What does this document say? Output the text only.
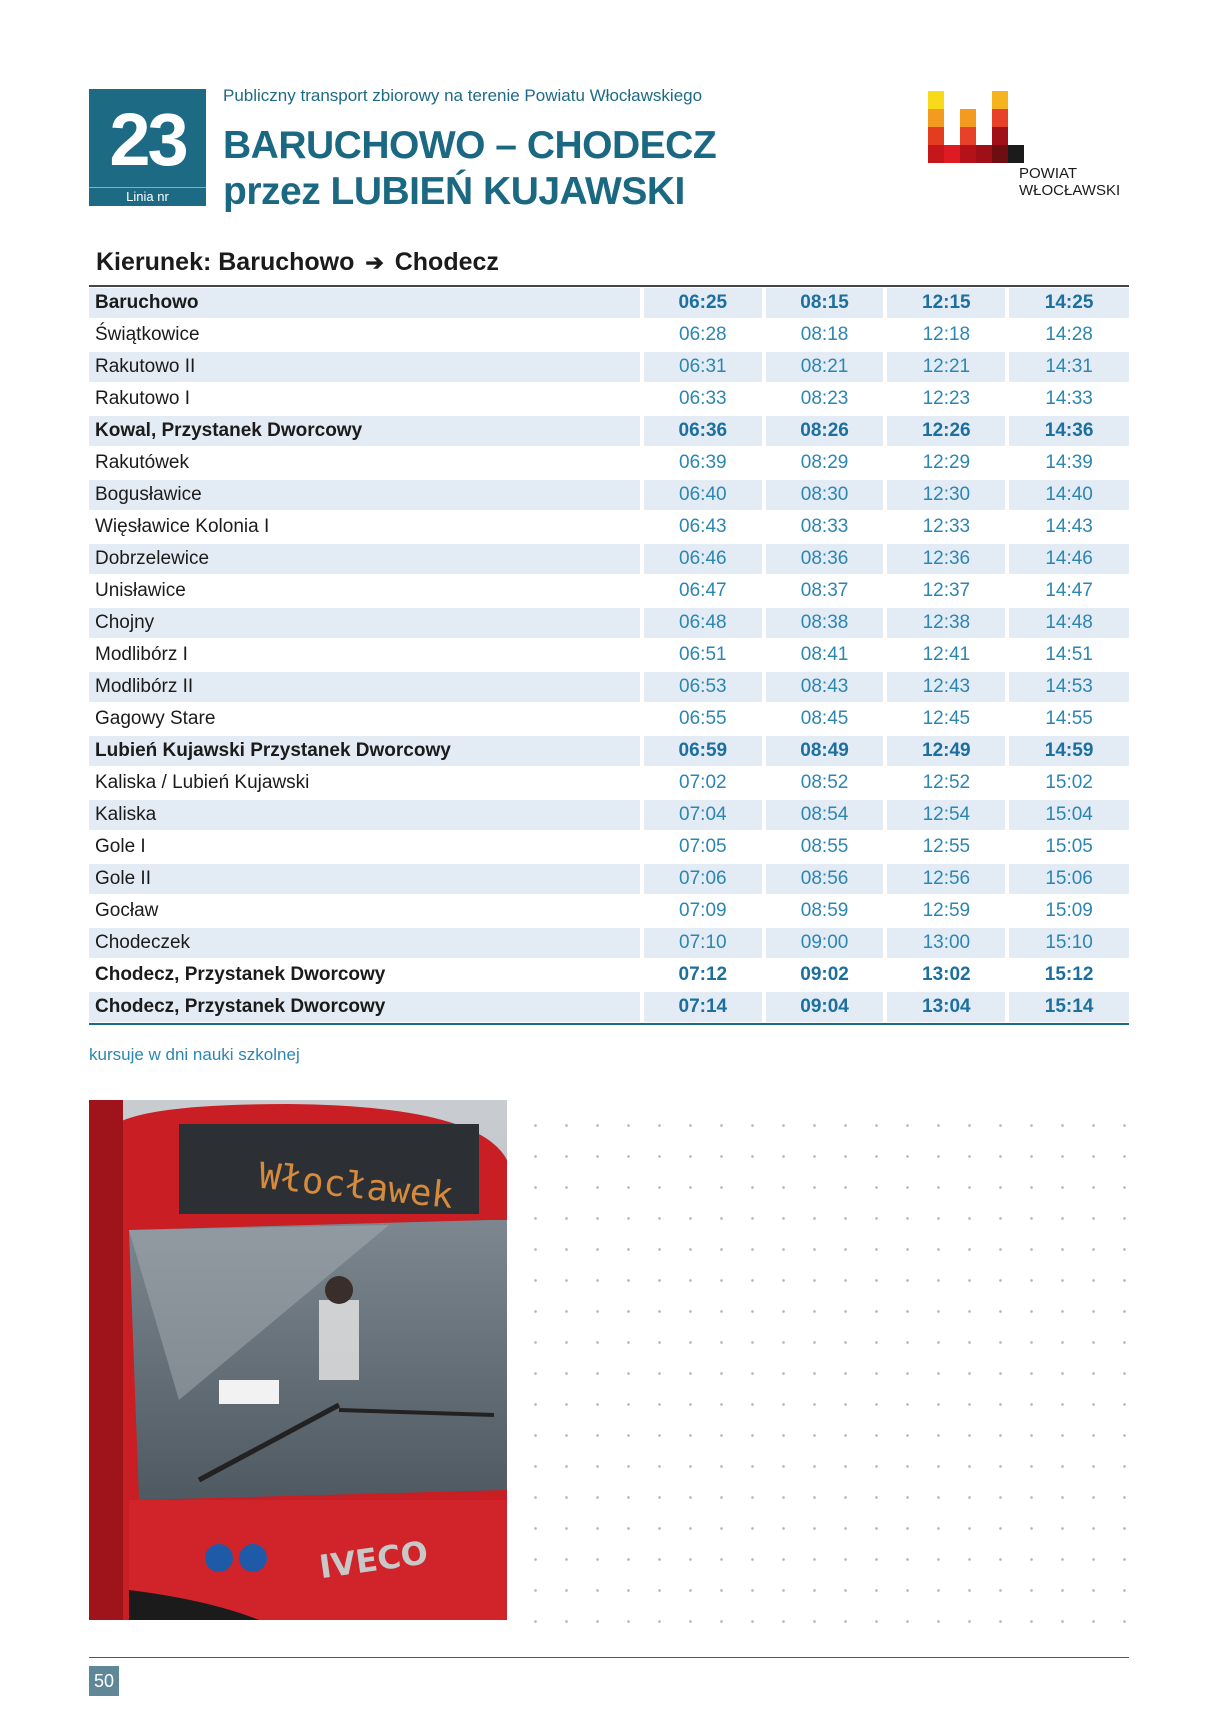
23
Linia nr
Publiczny transport zbiorowy na terenie Powiatu Włocławskiego
BARUCHOWO – CHODECZ
przez LUBIEŃ KUJAWSKI	POWIAT
WŁOCŁAWSKI
Kierunek: Baruchowo ➔ Chodecz
Baruchowo	06:25	08:15	12:15	14:25
Świątkowice	06:28	08:18	12:18	14:28
Rakutowo II	06:31	08:21	12:21	14:31
Rakutowo I	06:33	08:23	12:23	14:33
Kowal, Przystanek Dworcowy	06:36	08:26	12:26	14:36
Rakutówek	06:39	08:29	12:29	14:39
Bogusławice	06:40	08:30	12:30	14:40
Więsławice Kolonia I	06:43	08:33	12:33	14:43
Dobrzelewice	06:46	08:36	12:36	14:46
Unisławice	06:47	08:37	12:37	14:47
Chojny	06:48	08:38	12:38	14:48
Modlibórz I	06:51	08:41	12:41	14:51
Modlibórz II	06:53	08:43	12:43	14:53
Gagowy Stare	06:55	08:45	12:45	14:55
Lubień Kujawski Przystanek Dworcowy	06:59	08:49	12:49	14:59
Kaliska / Lubień Kujawski	07:02	08:52	12:52	15:02
Kaliska	07:04	08:54	12:54	15:04
Gole I	07:05	08:55	12:55	15:05
Gole II	07:06	08:56	12:56	15:06
Gocław	07:09	08:59	12:59	15:09
Chodeczek	07:10	09:00	13:00	15:10
Chodecz, Przystanek Dworcowy	07:12	09:02	13:02	15:12
Chodecz, Przystanek Dworcowy	07:14	09:04	13:04	15:14
kursuje w dni nauki szkolnej
Włocławek
IVECO
50
